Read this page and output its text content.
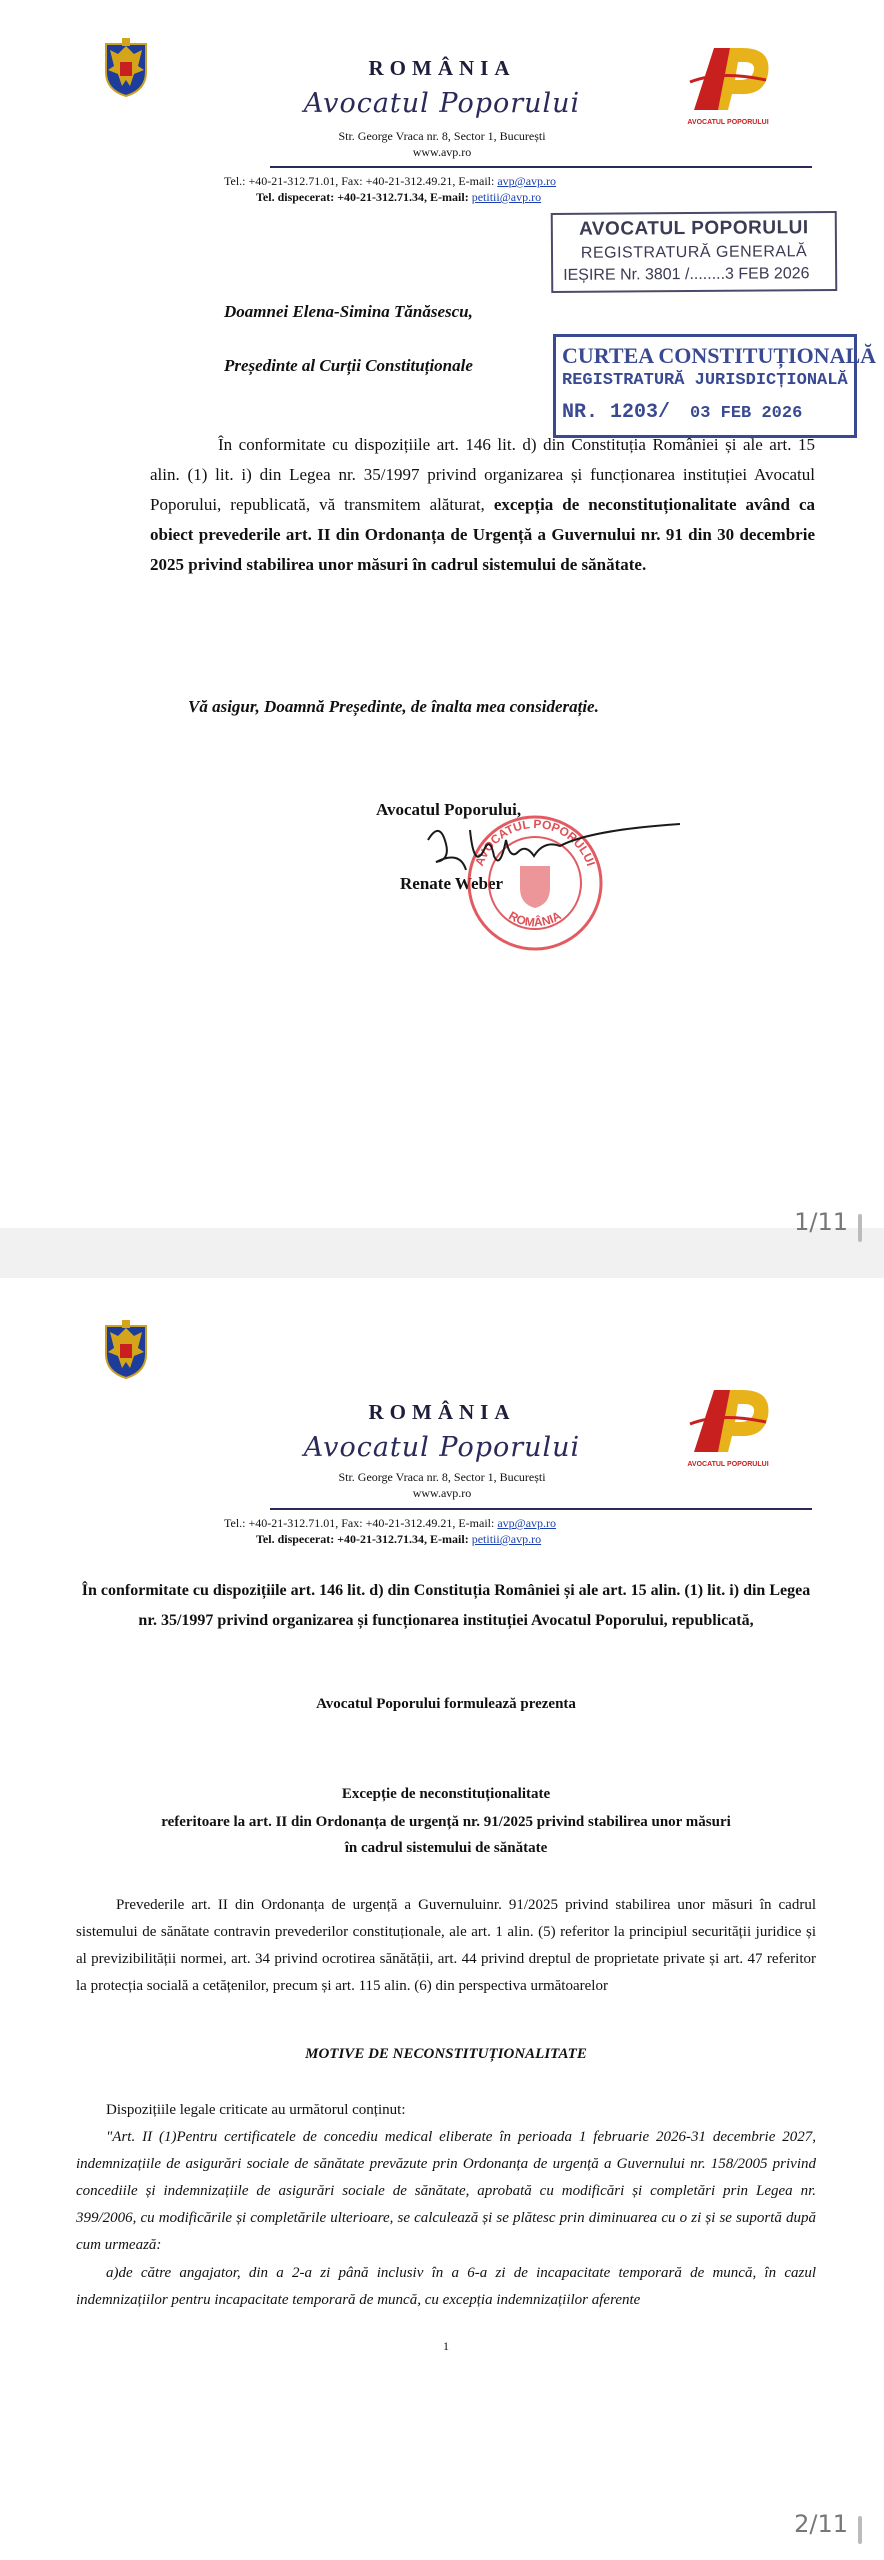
ROMÂNIA
Avocatul Poporului
Str. George Vraca nr. 8, Sector 1, București
www.avp.ro
AVOCATUL POPORULUI
Tel.: +40-21-312.71.01, Fax: +40-21-312.49.21, E-mail: avp@avp.ro
Tel. dispecerat: +40-21-312.71.34, E-mail: petitii@avp.ro
AVOCATUL POPORULUI
REGISTRATURĂ GENERALĂ
IEȘIRE Nr. 3801 /........3 FEB 2026
CURTEA CONSTITUȚIONALĂ
REGISTRATURĂ JURISDICȚIONALĂ
NR. 1203/ 03 FEB 2026
Doamnei Elena-Simina Tănăsescu,
Președinte al Curții Constituționale
În conformitate cu dispozițiile art. 146 lit. d) din Constituția României și ale art. 15 alin. (1) lit. i) din Legea nr. 35/1997 privind organizarea și funcționarea instituției Avocatul Poporului, republicată, vă transmitem alăturat, excepția de neconstituționalitate având ca obiect prevederile art. II din Ordonanța de Urgență a Guvernului nr. 91 din 30 decembrie 2025 privind stabilirea unor măsuri în cadrul sistemului de sănătate.
Vă asigur, Doamnă Președinte, de înalta mea considerație.
Avocatul Poporului,
Renate Weber
AVOCATUL POPORULUI
ROMÂNIA
1/11
ROMÂNIA
Avocatul Poporului
Str. George Vraca nr. 8, Sector 1, București
www.avp.ro
AVOCATUL POPORULUI
Tel.: +40-21-312.71.01, Fax: +40-21-312.49.21, E-mail: avp@avp.ro
Tel. dispecerat: +40-21-312.71.34, E-mail: petitii@avp.ro
În conformitate cu dispozițiile art. 146 lit. d) din Constituția României și ale art. 15 alin. (1) lit. i) din Legea nr. 35/1997 privind organizarea și funcționarea instituției Avocatul Poporului, republicată,
Avocatul Poporului formulează prezenta
Excepție de neconstituționalitate
referitoare la art. II din Ordonanța de urgență nr. 91/2025 privind stabilirea unor măsuri
în cadrul sistemului de sănătate
Prevederile art. II din Ordonanța de urgență a Guvernuluinr. 91/2025 privind stabilirea unor măsuri în cadrul sistemului de sănătate contravin prevederilor constituționale, ale art. 1 alin. (5) referitor la principiul securității juridice și al previzibilității normei, art. 34 privind ocrotirea sănătății, art. 44 privind dreptul de proprietate private și art. 47 referitor la protecția socială a cetățenilor, precum și art. 115 alin. (6) din perspectiva următoarelor
MOTIVE DE NECONSTITUȚIONALITATE
Dispozițiile legale criticate au următorul conținut:
"Art. II (1)Pentru certificatele de concediu medical eliberate în perioada 1 februarie 2026-31 decembrie 2027, indemnizațiile de asigurări sociale de sănătate prevăzute prin Ordonanța de urgență a Guvernului nr. 158/2005 privind concediile și indemnizațiile de asigurări sociale de sănătate, aprobată cu modificări și completări prin Legea nr. 399/2006, cu modificările și completările ulterioare, se calculează și se plătesc prin diminuarea cu o zi și se suportă după cum urmează:
a)de către angajator, din a 2-a zi până inclusiv în a 6-a zi de incapacitate temporară de muncă, în cazul indemnizațiilor pentru incapacitate temporară de muncă, cu excepția indemnizațiilor aferente
1
2/11
